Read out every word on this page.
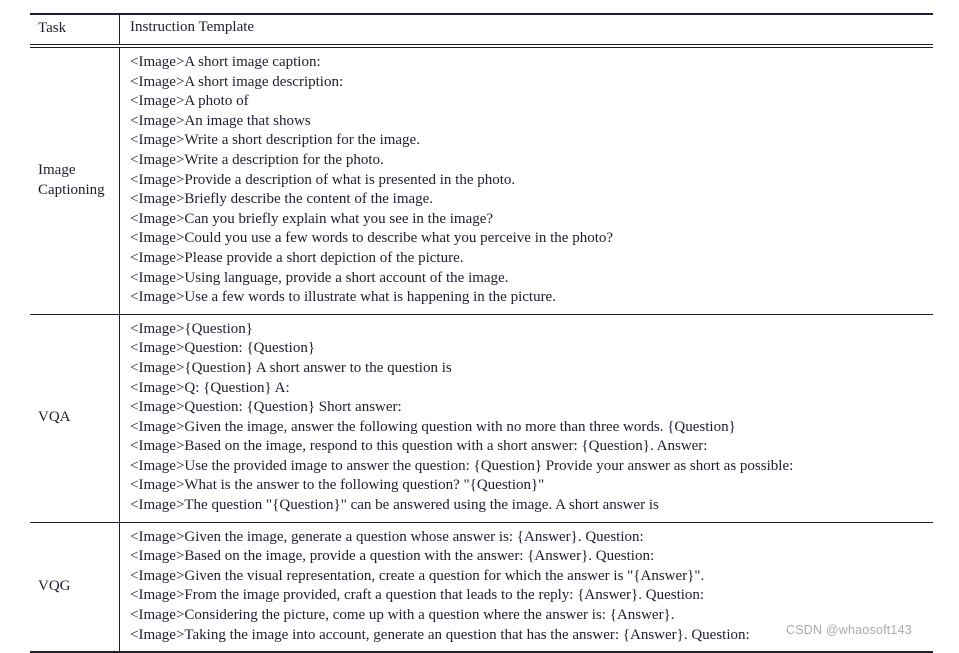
Task	Instruction Template
Image Captioning
<Image>A short image caption:
<Image>A short image description:
<Image>A photo of
<Image>An image that shows
<Image>Write a short description for the image.
<Image>Write a description for the photo.
<Image>Provide a description of what is presented in the photo.
<Image>Briefly describe the content of the image.
<Image>Can you briefly explain what you see in the image?
<Image>Could you use a few words to describe what you perceive in the photo?
<Image>Please provide a short depiction of the picture.
<Image>Using language, provide a short account of the image.
<Image>Use a few words to illustrate what is happening in the picture.
VQA
<Image>{Question}
<Image>Question: {Question}
<Image>{Question} A short answer to the question is
<Image>Q: {Question} A:
<Image>Question: {Question} Short answer:
<Image>Given the image, answer the following question with no more than three words. {Question}
<Image>Based on the image, respond to this question with a short answer: {Question}. Answer:
<Image>Use the provided image to answer the question: {Question} Provide your answer as short as possible:
<Image>What is the answer to the following question? "{Question}"
<Image>The question "{Question}" can be answered using the image. A short answer is
VQG
<Image>Given the image, generate a question whose answer is: {Answer}. Question:
<Image>Based on the image, provide a question with the answer: {Answer}. Question:
<Image>Given the visual representation, create a question for which the answer is "{Answer}".
<Image>From the image provided, craft a question that leads to the reply: {Answer}. Question:
<Image>Considering the picture, come up with a question where the answer is: {Answer}.
<Image>Taking the image into account, generate an question that has the answer: {Answer}. Question:	CSDN @whaosoft143
